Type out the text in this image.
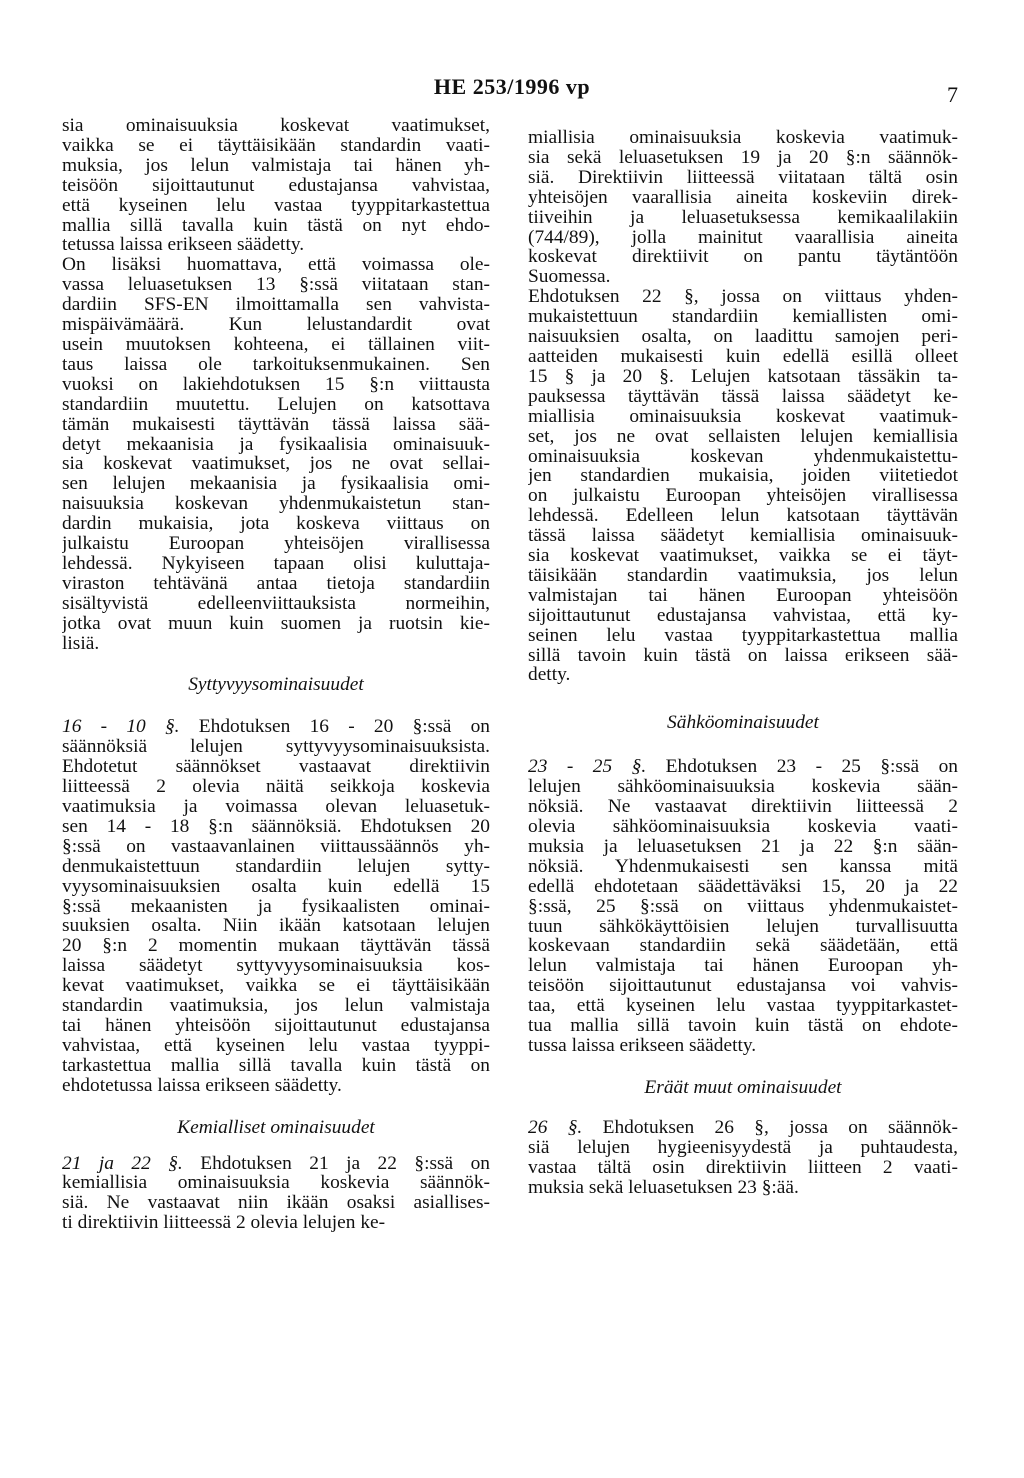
HE 253/1996 vp	7
sia ominaisuuksia koskevat vaatimukset,
vaikka se ei täyttäisikään standardin vaati-
muksia, jos lelun valmistaja tai hänen yh-
teisöön sijoittautunut edustajansa vahvistaa,
että kyseinen lelu vastaa tyyppitarkastettua
mallia sillä tavalla kuin tästä on nyt ehdo-
tetussa laissa erikseen säädetty.
On lisäksi huomattava, että voimassa ole-
vassa leluasetuksen 13 §:ssä viitataan stan-
dardiin SFS-EN ilmoittamalla sen vahvista-
mispäivämäärä. Kun lelustandardit ovat
usein muutoksen kohteena, ei tällainen viit-
taus laissa ole tarkoituksenmukainen. Sen
vuoksi on lakiehdotuksen 15 §:n viittausta
standardiin muutettu. Lelujen on katsottava
tämän mukaisesti täyttävän tässä laissa sää-
detyt mekaanisia ja fysikaalisia ominaisuuk-
sia koskevat vaatimukset, jos ne ovat sellai-
sen lelujen mekaanisia ja fysikaalisia omi-
naisuuksia koskevan yhdenmukaistetun stan-
dardin mukaisia, jota koskeva viittaus on
julkaistu Euroopan yhteisöjen virallisessa
lehdessä. Nykyiseen tapaan olisi kuluttaja-
viraston tehtävänä antaa tietoja standardiin
sisältyvistä edelleenviittauksista normeihin,
jotka ovat muun kuin suomen ja ruotsin kie-
lisiä.
Syttyvyysominaisuudet
16 - 10 §. Ehdotuksen 16 - 20 §:ssä on
säännöksiä lelujen syttyvyysominaisuuksista.
Ehdotetut säännökset vastaavat direktiivin
liitteessä 2 olevia näitä seikkoja koskevia
vaatimuksia ja voimassa olevan leluasetuk-
sen 14 - 18 §:n säännöksiä. Ehdotuksen 20
§:ssä on vastaavanlainen viittaussäännös yh-
denmukaistettuun standardiin lelujen sytty-
vyysominaisuuksien osalta kuin edellä 15
§:ssä mekaanisten ja fysikaalisten ominai-
suuksien osalta. Niin ikään katsotaan lelujen
20 §:n 2 momentin mukaan täyttävän tässä
laissa säädetyt syttyvyysominaisuuksia kos-
kevat vaatimukset, vaikka se ei täyttäisikään
standardin vaatimuksia, jos lelun valmistaja
tai hänen yhteisöön sijoittautunut edustajansa
vahvistaa, että kyseinen lelu vastaa tyyppi-
tarkastettua mallia sillä tavalla kuin tästä on
ehdotetussa laissa erikseen säädetty.
Kemialliset ominaisuudet
21 ja 22 §. Ehdotuksen 21 ja 22 §:ssä on
kemiallisia ominaisuuksia koskevia säännök-
siä. Ne vastaavat niin ikään osaksi asiallises-
ti direktiivin liitteessä 2 olevia lelujen ke-
miallisia ominaisuuksia koskevia vaatimuk-
sia sekä leluasetuksen 19 ja 20 §:n säännök-
siä. Direktiivin liitteessä viitataan tältä osin
yhteisöjen vaarallisia aineita koskeviin direk-
tiiveihin ja leluasetuksessa kemikaalilakiin
(744/89), jolla mainitut vaarallisia aineita
koskevat direktiivit on pantu täytäntöön
Suomessa.
Ehdotuksen 22 §, jossa on viittaus yhden-
mukaistettuun standardiin kemiallisten omi-
naisuuksien osalta, on laadittu samojen peri-
aatteiden mukaisesti kuin edellä esillä olleet
15 § ja 20 §. Lelujen katsotaan tässäkin ta-
pauksessa täyttävän tässä laissa säädetyt ke-
miallisia ominaisuuksia koskevat vaatimuk-
set, jos ne ovat sellaisten lelujen kemiallisia
ominaisuuksia koskevan yhdenmukaistettu-
jen standardien mukaisia, joiden viitetiedot
on julkaistu Euroopan yhteisöjen virallisessa
lehdessä. Edelleen lelun katsotaan täyttävän
tässä laissa säädetyt kemiallisia ominaisuuk-
sia koskevat vaatimukset, vaikka se ei täyt-
täisikään standardin vaatimuksia, jos lelun
valmistajan tai hänen Euroopan yhteisöön
sijoittautunut edustajansa vahvistaa, että ky-
seinen lelu vastaa tyyppitarkastettua mallia
sillä tavoin kuin tästä on laissa erikseen sää-
detty.
Sähköominaisuudet
23 - 25 §. Ehdotuksen 23 - 25 §:ssä on
lelujen sähköominaisuuksia koskevia sään-
nöksiä. Ne vastaavat direktiivin liitteessä 2
olevia sähköominaisuuksia koskevia vaati-
muksia ja leluasetuksen 21 ja 22 §:n sään-
nöksiä. Yhdenmukaisesti sen kanssa mitä
edellä ehdotetaan säädettäväksi 15, 20 ja 22
§:ssä, 25 §:ssä on viittaus yhdenmukaistet-
tuun sähkökäyttöisien lelujen turvallisuutta
koskevaan standardiin sekä säädetään, että
lelun valmistaja tai hänen Euroopan yh-
teisöön sijoittautunut edustajansa voi vahvis-
taa, että kyseinen lelu vastaa tyyppitarkastet-
tua mallia sillä tavoin kuin tästä on ehdote-
tussa laissa erikseen säädetty.
Eräät muut ominaisuudet
26 §. Ehdotuksen 26 §, jossa on säännök-
siä lelujen hygieenisyydestä ja puhtaudesta,
vastaa tältä osin direktiivin liitteen 2 vaati-
muksia sekä leluasetuksen 23 §:ää.
